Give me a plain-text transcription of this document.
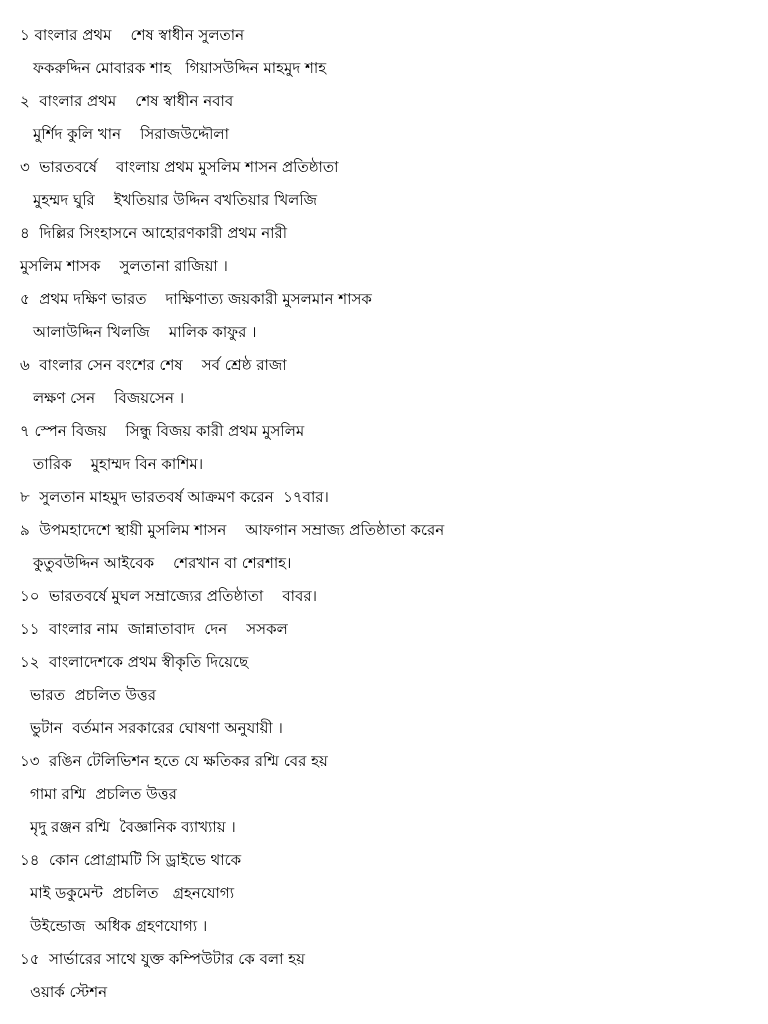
১ বাংলার প্রথম    শেষ স্বাধীন সুলতান
ফকরুদ্দিন মোবারক শাহ   গিয়াসউদ্দিন মাহমুদ শাহ
২  বাংলার প্রথম    শেষ স্বাধীন নবাব
মুর্শিদ কুলি খান    সিরাজউদ্দৌলা
৩  ভারতবর্ষে    বাংলায় প্রথম মুসলিম শাসন প্রতিষ্ঠাতা
মুহম্মদ ঘুরি    ইখতিয়ার উদ্দিন বখতিয়ার খিলজি
৪  দিল্লির সিংহাসনে আহোরণকারী প্রথম নারী
মুসলিম শাসক    সুলতানা রাজিয়া ।
৫  প্রথম দক্ষিণ ভারত    দাক্ষিণাত্য জয়কারী মুসলমান শাসক
আলাউদ্দিন খিলজি    মালিক কাফুর ।
৬  বাংলার সেন বংশের শেষ    সর্ব শ্রেষ্ঠ রাজা
লক্ষণ সেন    বিজয়সেন ।
৭ স্পেন বিজয়    সিন্ধু বিজয় কারী প্রথম মুসলিম
তারিক    মুহাম্মদ বিন কাশিম।
৮  সুলতান মাহমুদ ভারতবর্ষ আক্রমণ করেন  ১৭বার।
৯  উপমহাদেশে স্থায়ী মুসলিম শাসন    আফগান সম্রাজ্য প্রতিষ্ঠাতা করেন
কুতুবউদ্দিন আইবেক    শেরখান বা শেরশাহ।
১০  ভারতবর্ষে মুঘল সম্রাজ্যের প্রতিষ্ঠাতা    বাবর।
১১  বাংলার নাম  জান্নাতাবাদ  দেন    সসকল
১২  বাংলাদেশকে প্রথম স্বীকৃতি দিয়েছে
ভারত  প্রচলিত উত্তর
ভুটান  বর্তমান সরকারের ঘোষণা অনুযায়ী ।
১৩  রঙিন টেলিভিশন হতে যে ক্ষতিকর রশ্মি বের হয়
গামা রশ্মি  প্রচলিত উত্তর
মৃদু রঞ্জন রশ্মি  বৈজ্ঞানিক ব্যাখ্যায় ।
১৪  কোন প্রোগ্রামটি সি ড্রাইভে থাকে
মাই ডকুমেন্ট  প্রচলিত   গ্রহনযোগ্য
উইন্ডোজ  অধিক গ্রহণযোগ্য ।
১৫  সার্ভারের সাথে যুক্ত কম্পিউটার কে বলা হয়
ওয়ার্ক স্টেশন
